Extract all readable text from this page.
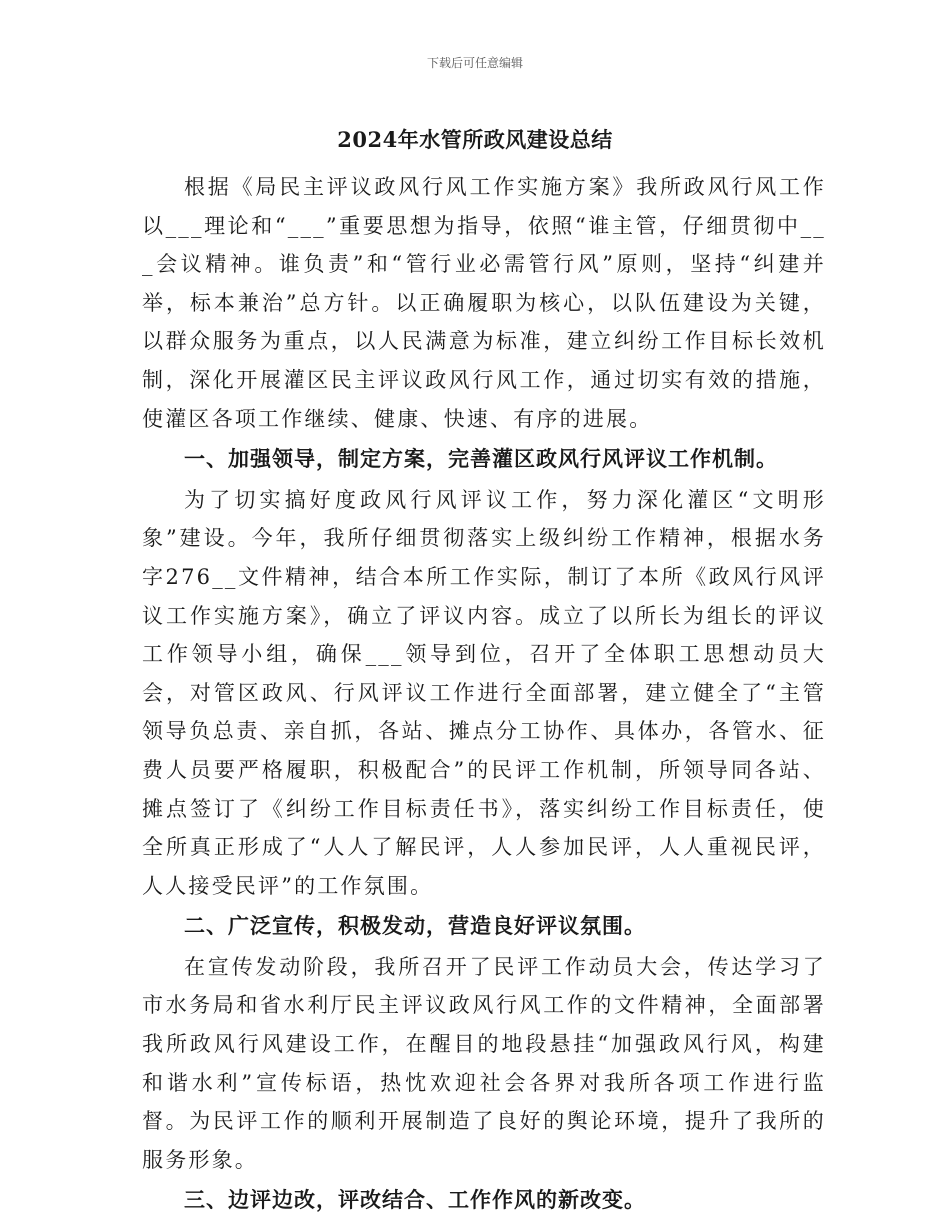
下载后可任意编辑
2024年水管所政风建设总结

根据《局民主评议政风行风工作实施方案》我所政风行风工作以___理论和“___”重要思想为指导，依照“谁主管，仔细贯彻中___会议精神。谁负责”和“管行业必需管行风”原则，坚持“纠建并举，标本兼治”总方针。以正确履职为核心，以队伍建设为关键，以群众服务为重点，以人民满意为标准，建立纠纷工作目标长效机制，深化开展灌区民主评议政风行风工作，通过切实有效的措施，使灌区各项工作继续、健康、快速、有序的进展。

一、加强领导，制定方案，完善灌区政风行风评议工作机制。

为了切实搞好度政风行风评议工作，努力深化灌区“文明形象”建设。今年，我所仔细贯彻落实上级纠纷工作精神，根据水务字276__文件精神，结合本所工作实际，制订了本所《政风行风评议工作实施方案》，确立了评议内容。成立了以所长为组长的评议工作领导小组，确保___领导到位，召开了全体职工思想动员大会，对管区政风、行风评议工作进行全面部署，建立健全了“主管领导负总责、亲自抓，各站、摊点分工协作、具体办，各管水、征费人员要严格履职，积极配合”的民评工作机制，所领导同各站、摊点签订了《纠纷工作目标责任书》，落实纠纷工作目标责任，使全所真正形成了“人人了解民评，人人参加民评，人人重视民评，人人接受民评”的工作氛围。

二、广泛宣传，积极发动，营造良好评议氛围。

在宣传发动阶段，我所召开了民评工作动员大会，传达学习了市水务局和省水利厅民主评议政风行风工作的文件精神，全面部署我所政风行风建设工作，在醒目的地段悬挂“加强政风行风，构建和谐水利”宣传标语，热忱欢迎社会各界对我所各项工作进行监督。为民评工作的顺利开展制造了良好的舆论环境，提升了我所的服务形象。

三、边评边改，评改结合、工作作风的新改变。
